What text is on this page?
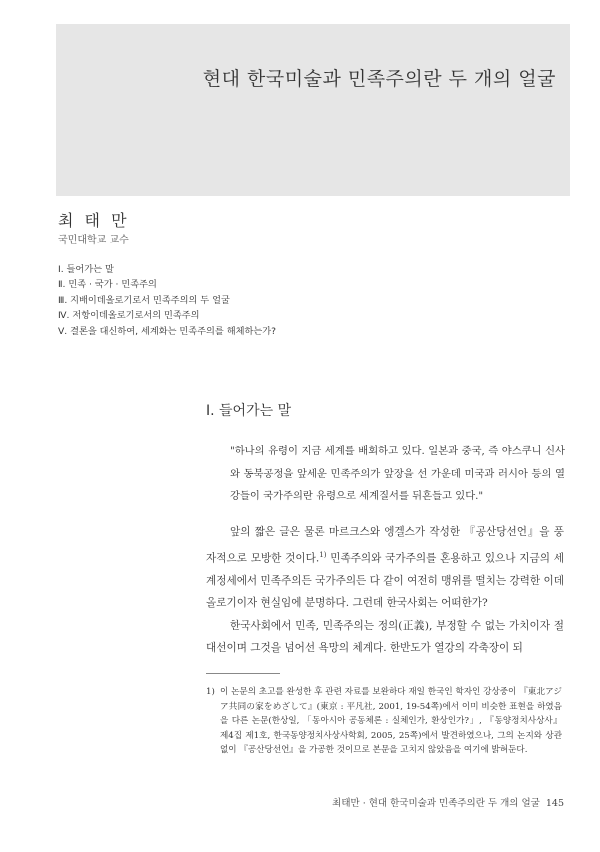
현대 한국미술과 민족주의란 두 개의 얼굴
최 태 만
국민대학교 교수
Ⅰ. 들어가는 말
Ⅱ. 민족 · 국가 · 민족주의
Ⅲ. 지배이데올로기로서 민족주의의 두 얼굴
Ⅳ. 저항이데올로기로서의 민족주의
Ⅴ. 결론을 대신하여, 세계화는 민족주의를 해체하는가?
Ⅰ. 들어가는 말

"하나의 유령이 지금 세계를 배회하고 있다. 일본과 중국, 즉 야스쿠니 신사와 동북공정을 앞세운 민족주의가 앞장을 선 가운데 미국과 러시아 등의 열강들이 국가주의란 유령으로 세계질서를 뒤흔들고 있다."

앞의 짧은 글은 물론 마르크스와 엥겔스가 작성한 『공산당선언』을 풍자적으로 모방한 것이다.$^{1)}$ 민족주의와 국가주의를 혼용하고 있으나 지금의 세계정세에서 민족주의든 국가주의든 다 같이 여전히 맹위를 떨치는 강력한 이데올로기이자 현실임에 분명하다. 그런데 한국사회는 어떠한가?

한국사회에서 민족, 민족주의는 정의(正義), 부정할 수 없는 가치이자 절대선이며 그것을 넘어선 욕망의 체계다. 한반도가 열강의 각축장이 되

1) 이 논문의 초고를 완성한 후 관련 자료를 보완하다 재일 한국인 학자인 강상중이 『東北アジア共同の家をめざして』(東京 : 平凡社, 2001, 19-54쪽)에서 이미 비슷한 표현을 하였음을 다른 논문(한상일, 「동아시아 공동체론 : 실체인가, 환상인가?」, 『동양정치사상사』 제4집 제1호, 한국동양정치사상사학회, 2005, 25쪽)에서 발견하였으나, 그의 논지와 상관없이 『공산당선언』을 가공한 것이므로 본문을 고치지 않았음을 여기에 밝혀둔다.
최태만 · 현대 한국미술과 민족주의란 두 개의 얼굴 145
